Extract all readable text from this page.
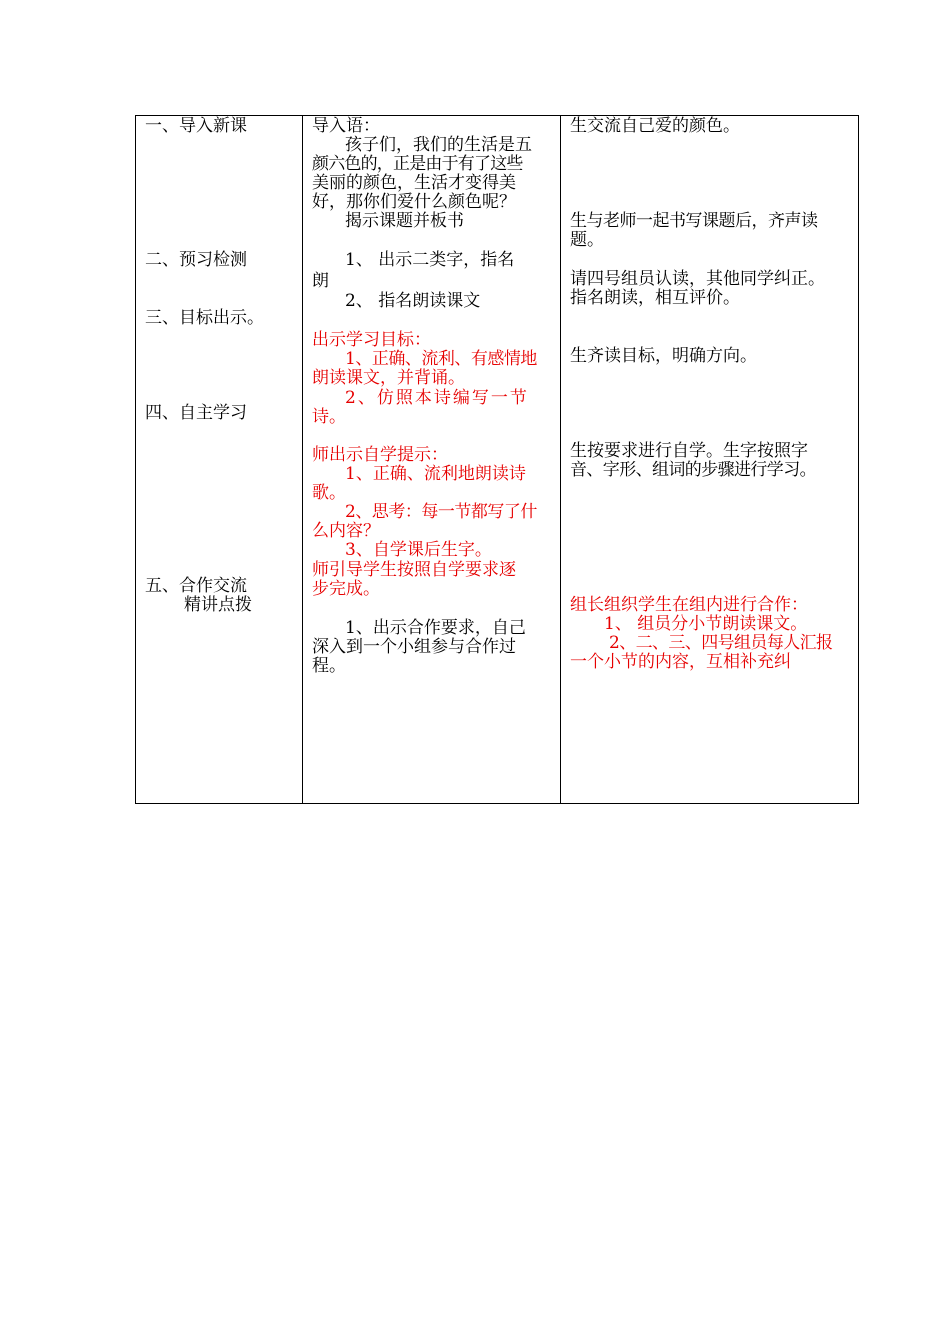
一、导入新课
二、预习检测
三、目标出示。
四、自主学习
五、合作交流
精讲点拨
导入语：
孩子们，我们的生活是五
颜六色的，正是由于有了这些
美丽的颜色，生活才变得美
好，那你们爱什么颜色呢？
揭示课题并板书
1、 出示二类字，指名
朗
2、 指名朗读课文
出示学习目标：
1、正确、流利、有感情地
朗读课文，并背诵。
2、仿照本诗编写一节
诗。
师出示自学提示：
1、正确、流利地朗读诗
歌。
2、思考：每一节都写了什
么内容？
3、自学课后生字。
师引导学生按照自学要求逐
步完成。
1、出示合作要求，自己
深入到一个小组参与合作过
程。
生交流自己爱的颜色。
生与老师一起书写课题后，齐声读
题。
请四号组员认读，其他同学纠正。
指名朗读，相互评价。
生齐读目标，明确方向。
生按要求进行自学。生字按照字
音、字形、组词的步骤进行学习。
组长组织学生在组内进行合作：
1、 组员分小节朗读课文。
2、二、三、四号组员每人汇报
一个小节的内容，互相补充纠
